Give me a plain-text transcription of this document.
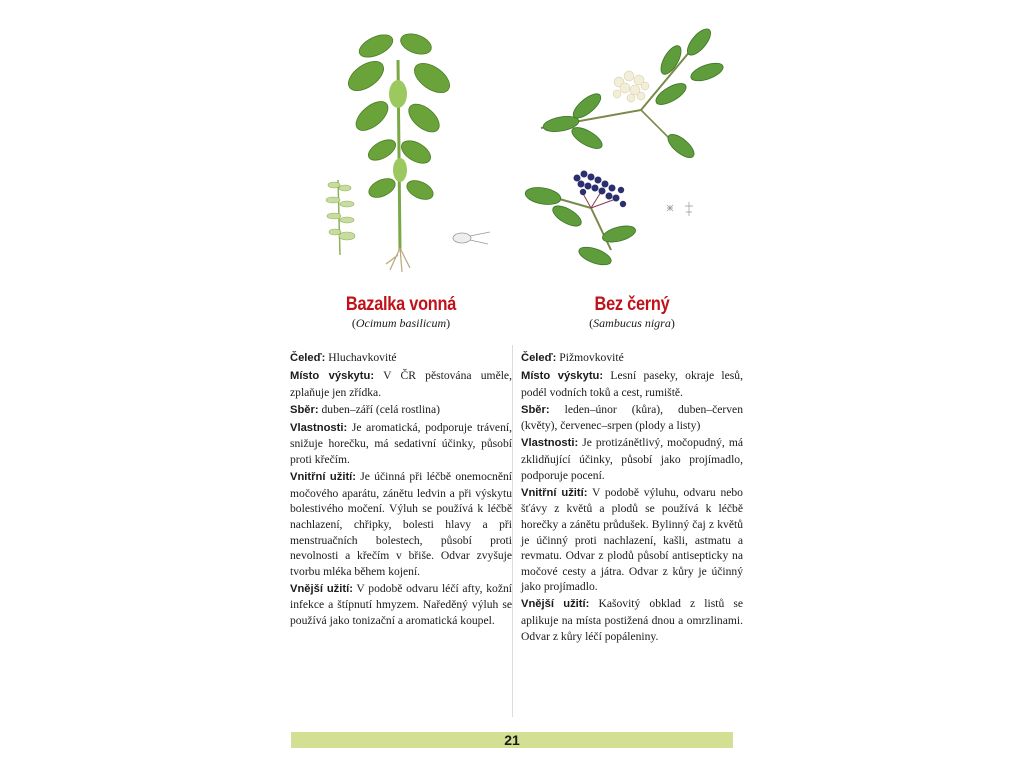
Bazalka vonná
(Ocimum basilicum)

Čeleď: Hluchavkovité

Místo výskytu: V ČR pěstována uměle, zplaňuje jen zřídka.

Sběr: duben–září (celá rostlina)

Vlastnosti: Je aromatická, podporuje trávení, snižuje horečku, má sedativní účinky, působí proti křečím.

Vnitřní užití: Je účinná při léčbě onemocnění močového aparátu, zánětu ledvin a při výskytu bolestivého močení. Výluh se používá k léčbě nachlazení, chřipky, bolesti hlavy a při menstruačních bolestech, působí proti nevolnosti a křečím v břiše. Odvar zvyšuje tvorbu mléka během kojení.

Vnější užití: V podobě odvaru léčí afty, kožní infekce a štípnutí hmyzem. Naředěný výluh se používá jako tonizační a aromatická koupel.

Bez černý
(Sambucus nigra)

Čeleď: Pižmovkovité

Místo výskytu: Lesní paseky, okraje lesů, podél vodních toků a cest, rumiště.

Sběr: leden–únor (kůra), duben–červen (květy), červenec–srpen (plody a listy)

Vlastnosti: Je protizánětlivý, močopudný, má zklidňující účinky, působí jako projímadlo, podporuje pocení.

Vnitřní užití: V podobě výluhu, odvaru nebo šťávy z květů a plodů se používá k léčbě horečky a zánětu průdušek. Bylinný čaj z květů je účinný proti nachlazení, kašli, astmatu a revmatu. Odvar z plodů působí antisepticky na močové cesty a játra. Odvar z kůry je účinný jako projímadlo.

Vnější užití: Kašovitý obklad z listů se aplikuje na místa postižená dnou a omrzlinami. Odvar z kůry léčí popáleniny.

21
